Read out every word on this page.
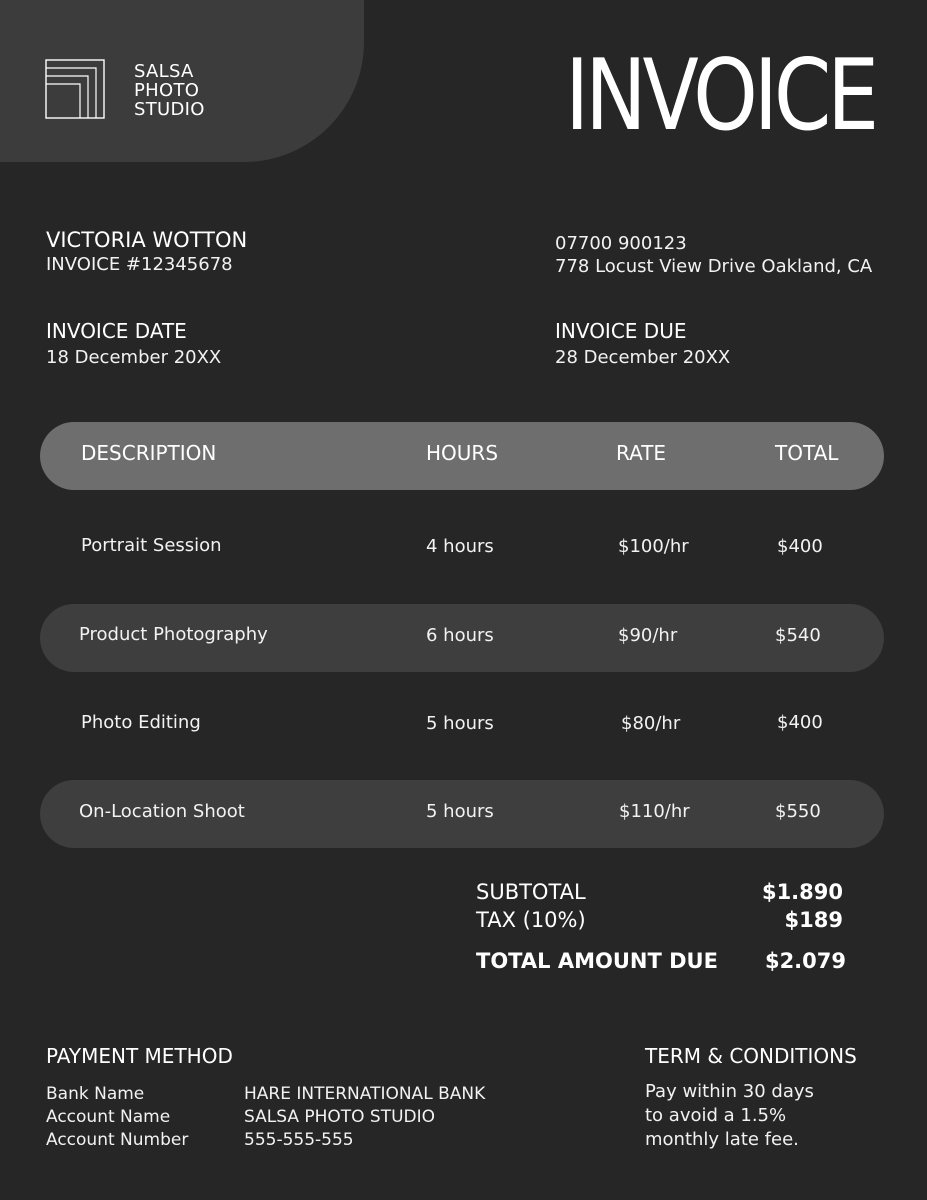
SALSA
PHOTO
STUDIO	INVOICE
VICTORIA WOTTON
INVOICE #12345678
07700 900123
778 Locust View Drive Oakland, CA
INVOICE DATE
18 December 20XX
INVOICE DUE
28 December 20XX
DESCRIPTION	HOURS	RATE	TOTAL
Portrait Session	4 hours	$100/hr	$400
Product Photography	6 hours	$90/hr	$540
Photo Editing	5 hours	$80/hr	$400
On-Location Shoot	5 hours	$110/hr	$550
SUBTOTAL	$1.890
TAX (10%)	$189
TOTAL AMOUNT DUE $2.079
PAYMENT METHOD
Bank Name	HARE INTERNATIONAL BANK
Account Name	SALSA PHOTO STUDIO
Account Number	555-555-555
TERM & CONDITIONS
Pay within 30 days
to avoid a 1.5%
monthly late fee.
